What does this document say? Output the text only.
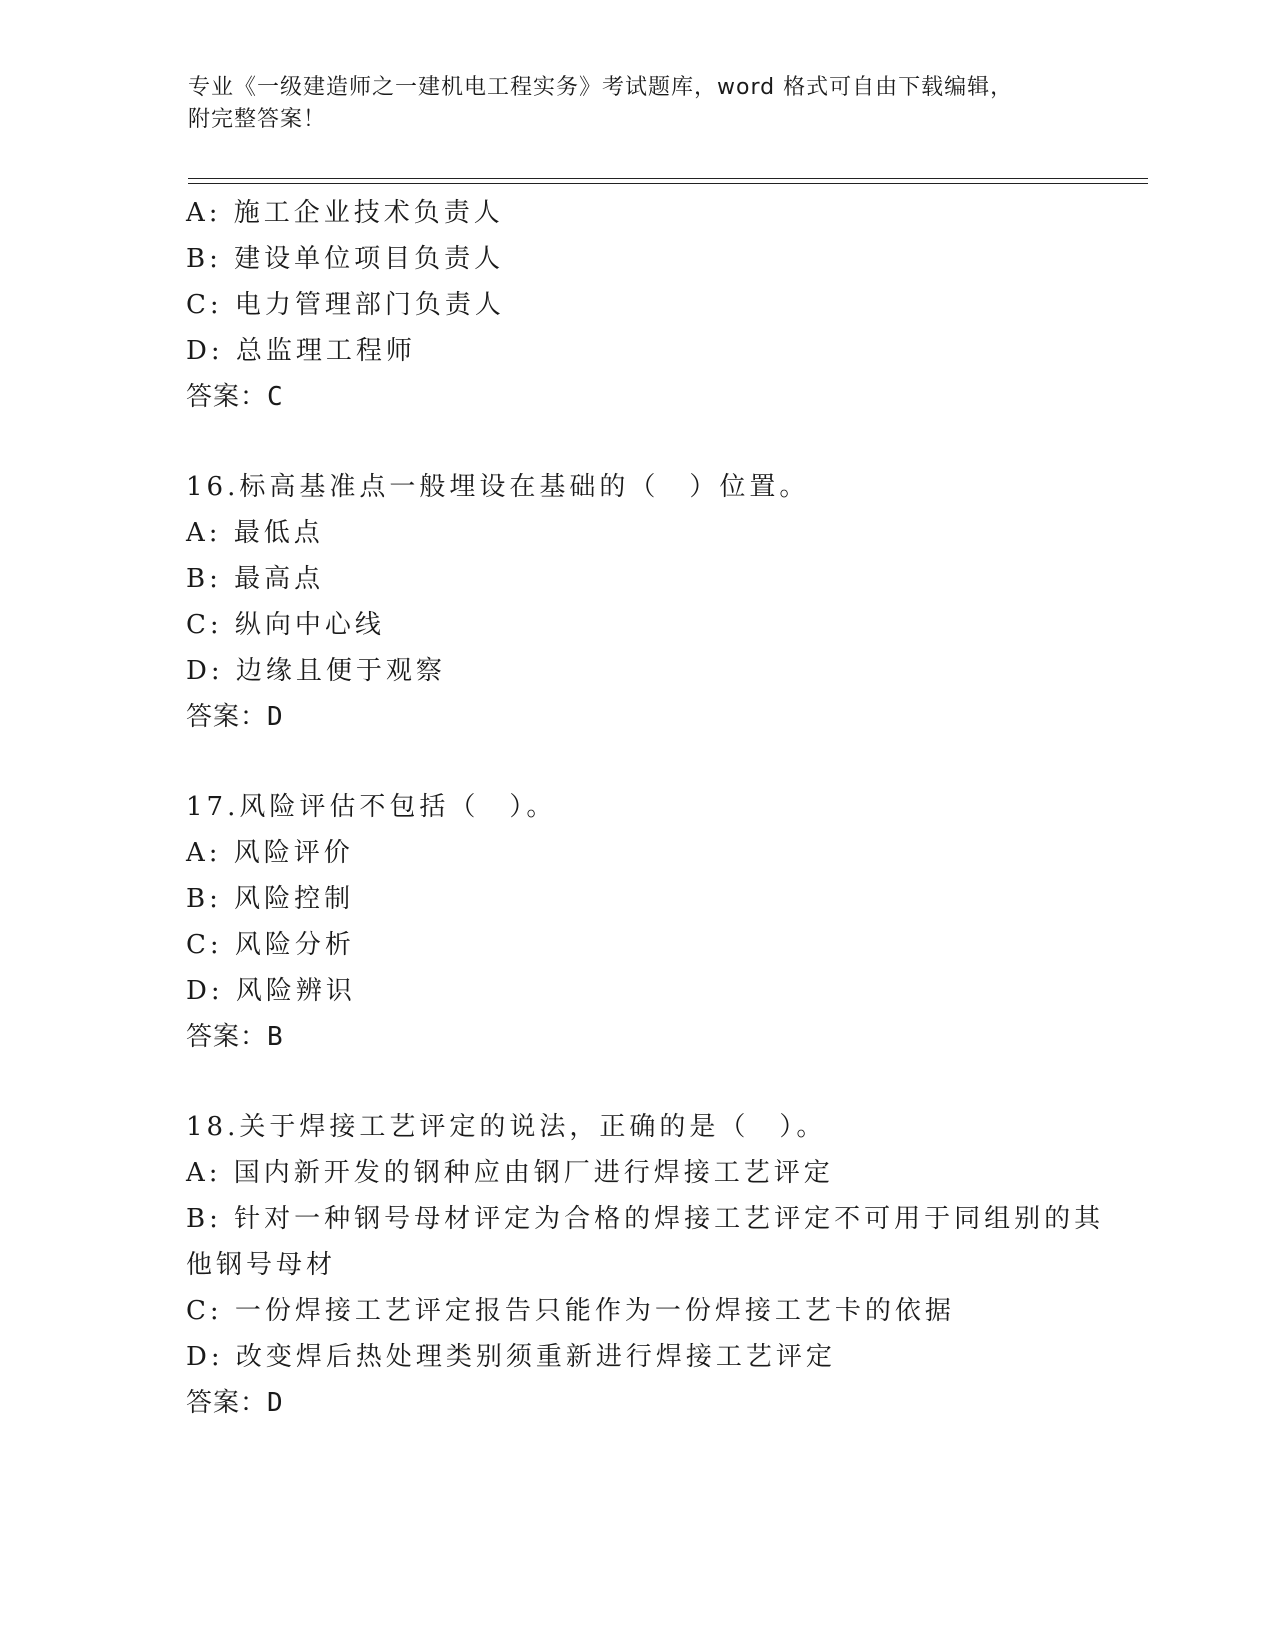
专业《一级建造师之一建机电工程实务》考试题库，word 格式可自由下载编辑，
附完整答案！
A: 施工企业技术负责人
B: 建设单位项目负责人
C: 电力管理部门负责人
D: 总监理工程师
答案：C
16.标高基准点一般埋设在基础的（　）位置。
A: 最低点
B: 最高点
C: 纵向中心线
D: 边缘且便于观察
答案：D
17.风险评估不包括（　）。
A: 风险评价
B: 风险控制
C: 风险分析
D: 风险辨识
答案：B
18.关于焊接工艺评定的说法，正确的是（　）。
A: 国内新开发的钢种应由钢厂进行焊接工艺评定
B: 针对一种钢号母材评定为合格的焊接工艺评定不可用于同组别的其
他钢号母材
C: 一份焊接工艺评定报告只能作为一份焊接工艺卡的依据
D: 改变焊后热处理类别须重新进行焊接工艺评定
答案：D
